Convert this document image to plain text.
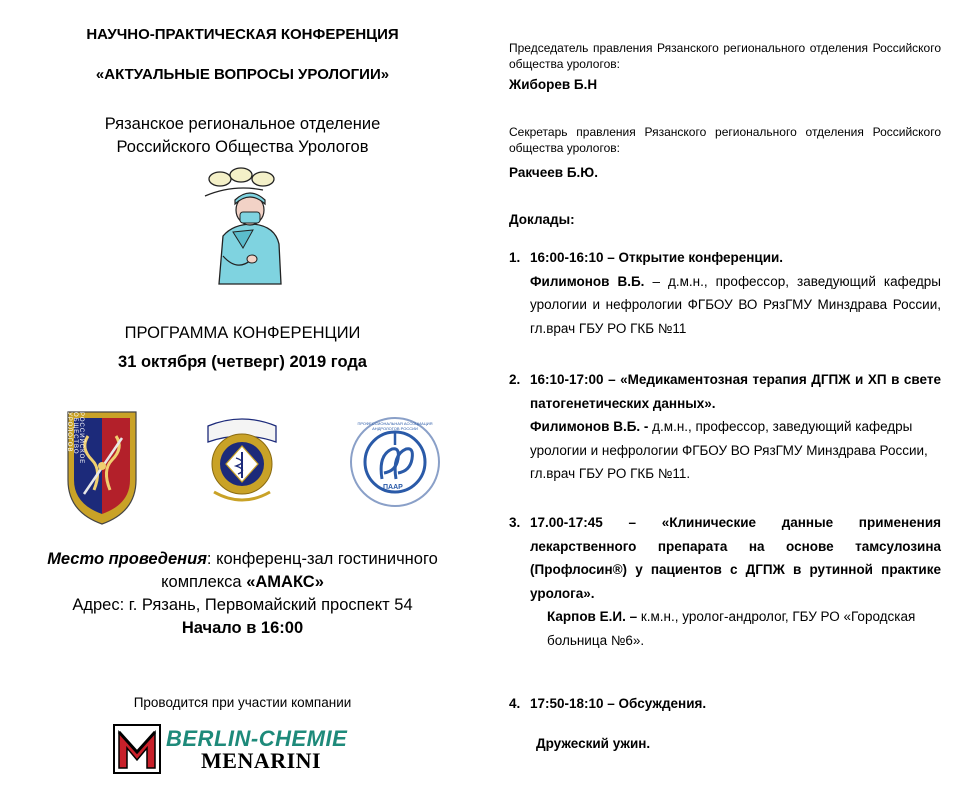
НАУЧНО-ПРАКТИЧЕСКАЯ КОНФЕРЕНЦИЯ
«АКТУАЛЬНЫЕ ВОПРОСЫ УРОЛОГИИ»
Рязанское региональное отделение
Российского Общества Урологов
ПРОГРАММА КОНФЕРЕНЦИИ
31 октября (четверг) 2019 года
РОССИЙСКОЕ ОБЩЕСТВО УРОЛОГОВ
ПААР
ПРОФЕССИОНАЛЬНАЯ АССОЦИАЦИЯ АНДРОЛОГОВ РОССИИ
Место проведения: конференц-зал гостиничного
комплекса «АМАКС»
Адрес: г. Рязань, Первомайский проспект 54
Начало в 16:00
Проводится при участии компании
BERLIN-CHEMIE
MENARINI
Председатель правления Рязанского регионального отделения Российского общества урологов:
Жиборев Б.Н
Секретарь правления Рязанского регионального отделения Российского общества урологов:
Ракчеев Б.Ю.
Доклады:
1. 16:00-16:10 – Открытие конференции.
Филимонов В.Б. – д.м.н., профессор, заведующий кафедры урологии и нефрологии ФГБОУ ВО РязГМУ Минздрава России, гл.врач ГБУ РО ГКБ №11
2. 16:10-17:00 – «Медикаментозная терапия ДГПЖ и ХП в свете патогенетических данных».
Филимонов В.Б. - д.м.н., профессор, заведующий кафедры урологии и нефрологии ФГБОУ ВО РязГМУ Минздрава России, гл.врач ГБУ РО ГКБ №11.
3. 17.00-17:45 – «Клинические данные применения лекарственного препарата на основе тамсулозина (Профлосин®) у пациентов с ДГПЖ в рутинной практике уролога».
Карпов Е.И. – к.м.н., уролог-андролог, ГБУ РО «Городская больница №6».
4. 17:50-18:10 – Обсуждения.
Дружеский ужин.
